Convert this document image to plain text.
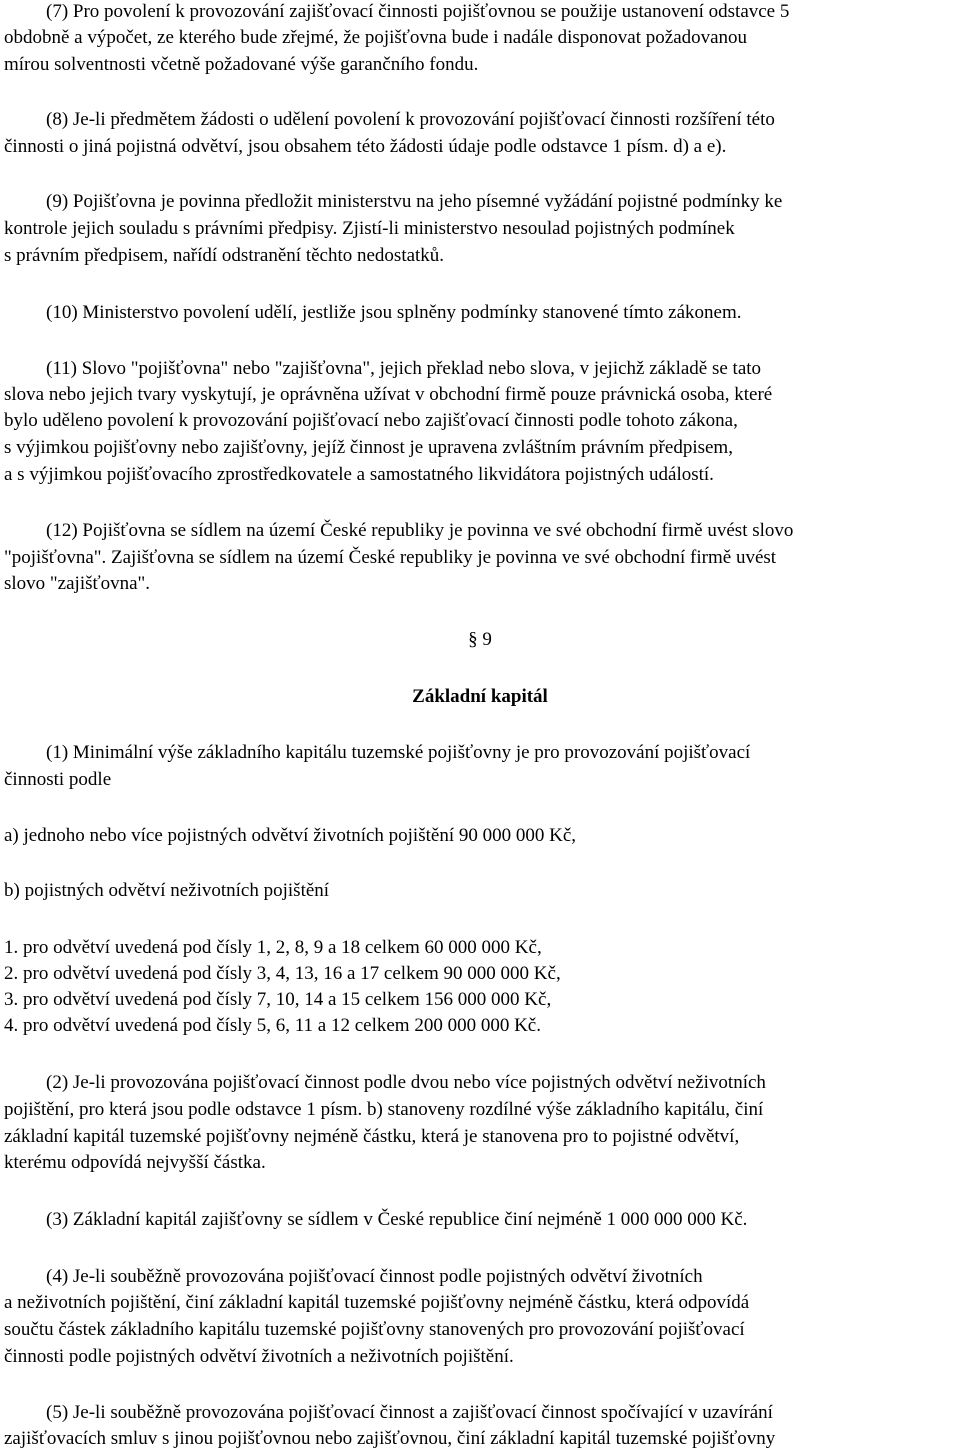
(7) Pro povolení k provozování zajišťovací činnosti pojišťovnou se použije ustanovení odstavce 5
obdobně a výpočet, ze kterého bude zřejmé, že pojišťovna bude i nadále disponovat požadovanou
mírou solventnosti včetně požadované výše garančního fondu.
(8) Je-li předmětem žádosti o udělení povolení k provozování pojišťovací činnosti rozšíření této
činnosti o jiná pojistná odvětví, jsou obsahem této žádosti údaje podle odstavce 1 písm. d) a e).
(9) Pojišťovna je povinna předložit ministerstvu na jeho písemné vyžádání pojistné podmínky ke
kontrole jejich souladu s právními předpisy. Zjistí-li ministerstvo nesoulad pojistných podmínek
s právním předpisem, nařídí odstranění těchto nedostatků.
(10) Ministerstvo povolení udělí, jestliže jsou splněny podmínky stanovené tímto zákonem.
(11) Slovo "pojišťovna" nebo "zajišťovna", jejich překlad nebo slova, v jejichž základě se tato
slova nebo jejich tvary vyskytují, je oprávněna užívat v obchodní firmě pouze právnická osoba, které
bylo uděleno povolení k provozování pojišťovací nebo zajišťovací činnosti podle tohoto zákona,
s výjimkou pojišťovny nebo zajišťovny, jejíž činnost je upravena zvláštním právním předpisem,
a s výjimkou pojišťovacího zprostředkovatele a samostatného likvidátora pojistných událostí.
(12) Pojišťovna se sídlem na území České republiky je povinna ve své obchodní firmě uvést slovo
"pojišťovna". Zajišťovna se sídlem na území České republiky je povinna ve své obchodní firmě uvést
slovo "zajišťovna".
§ 9
Základní kapitál
(1) Minimální výše základního kapitálu tuzemské pojišťovny je pro provozování pojišťovací
činnosti podle
a) jednoho nebo více pojistných odvětví životních pojištění 90 000 000 Kč,
b) pojistných odvětví neživotních pojištění
1. pro odvětví uvedená pod čísly 1, 2, 8, 9 a 18 celkem 60 000 000 Kč,
2. pro odvětví uvedená pod čísly 3, 4, 13, 16 a 17 celkem 90 000 000 Kč,
3. pro odvětví uvedená pod čísly 7, 10, 14 a 15 celkem 156 000 000 Kč,
4. pro odvětví uvedená pod čísly 5, 6, 11 a 12 celkem 200 000 000 Kč.
(2) Je-li provozována pojišťovací činnost podle dvou nebo více pojistných odvětví neživotních
pojištění, pro která jsou podle odstavce 1 písm. b) stanoveny rozdílné výše základního kapitálu, činí
základní kapitál tuzemské pojišťovny nejméně částku, která je stanovena pro to pojistné odvětví,
kterému odpovídá nejvyšší částka.
(3) Základní kapitál zajišťovny se sídlem v České republice činí nejméně 1 000 000 000 Kč.
(4) Je-li souběžně provozována pojišťovací činnost podle pojistných odvětví životních
a neživotních pojištění, činí základní kapitál tuzemské pojišťovny nejméně částku, která odpovídá
součtu částek základního kapitálu tuzemské pojišťovny stanovených pro provozování pojišťovací
činnosti podle pojistných odvětví životních a neživotních pojištění.
(5) Je-li souběžně provozována pojišťovací činnost a zajišťovací činnost spočívající v uzavírání
zajišťovacích smluv s jinou pojišťovnou nebo zajišťovnou, činí základní kapitál tuzemské pojišťovny
